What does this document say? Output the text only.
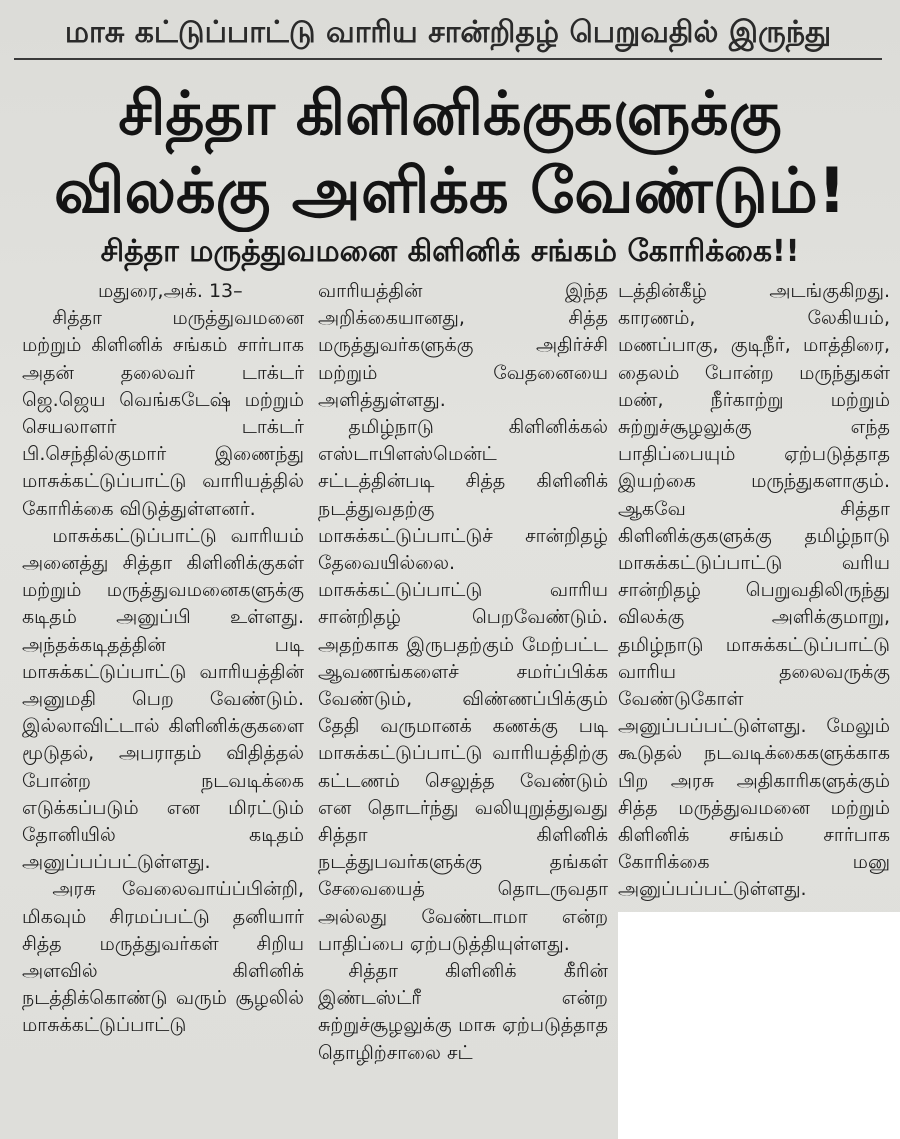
மாசு கட்டுப்பாட்டு வாரிய சான்றிதழ் பெறுவதில் இருந்து
சித்தா கிளினிக்குகளுக்கு
விலக்கு அளிக்க வேண்டும்!
சித்தா மருத்துவமனை கிளினிக் சங்கம் கோரிக்கை!!

மதுரை,அக். 13–

சித்தா மருத்துவமனை மற்றும் கிளினிக் சங்கம் சார்பாக அதன் தலைவர் டாக்டர் ஜெ.ஜெய வெங்கடேஷ் மற்றும் செயலாளர் டாக்டர் பி.செந்தில்குமார் இணைந்து மாசுக்கட்டுப்பாட்டு வாரியத்தில் கோரிக்கை விடுத்துள்ளனர்.

மாசுக்கட்டுப்பாட்டு வாரியம் அனைத்து சித்தா கிளினிக்குகள் மற்றும் மருத்துவமனைகளுக்கு கடிதம் அனுப்பி உள்ளது. அந்தக்கடிதத்தின் படி மாசுக்கட்டுப்பாட்டு வாரியத்தின் அனுமதி பெற வேண்டும். இல்லாவிட்டால் கிளினிக்குகளை மூடுதல், அபராதம் விதித்தல் போன்ற நடவடிக்கை எடுக்கப்படும் என மிரட்டும் தோனியில் கடிதம் அனுப்பப்பட்டுள்ளது.

அரசு வேலைவாய்ப்பின்றி, மிகவும் சிரமப்பட்டு தனியார் சித்த மருத்துவர்கள் சிறிய அளவில் கிளினிக் நடத்திக்கொண்டு வரும் சூழலில் மாசுக்கட்டுப்பாட்டு

வாரியத்தின் இந்த அறிக்கையானது, சித்த மருத்துவர்களுக்கு அதிர்ச்சி மற்றும் வேதனையை அளித்துள்ளது.

தமிழ்நாடு கிளினிக்கல் எஸ்டாபிளஸ்மென்ட் சட்டத்தின்படி சித்த கிளினிக் நடத்துவதற்கு மாசுக்கட்டுப்பாட்டுச் சான்றிதழ் தேவையில்லை. மாசுக்கட்டுப்பாட்டு வாரிய சான்றிதழ் பெறவேண்டும். அதற்காக இருபதற்கும் மேற்பட்ட ஆவணங்களைச் சமர்ப்பிக்க வேண்டும், விண்ணப்பிக்கும் தேதி வருமானக் கணக்கு படி மாசுக்கட்டுப்பாட்டு வாரியத்திற்கு கட்டணம் செலுத்த வேண்டும் என தொடர்ந்து வலியுறுத்துவது சித்தா கிளினிக் நடத்துபவர்களுக்கு தங்கள் சேவையைத் தொடருவதா அல்லது வேண்டாமா என்ற பாதிப்பை ஏற்படுத்தியுள்ளது.

சித்தா கிளினிக் கீரின் இண்டஸ்ட்ரீ என்ற சுற்றுச்சூழலுக்கு மாசு ஏற்படுத்தாத தொழிற்சாலை சட்

டத்தின்கீழ் அடங்குகிறது. காரணம், லேகியம், மணப்பாகு, குடிநீர், மாத்திரை, தைலம் போன்ற மருந்துகள் மண், நீர்காற்று மற்றும் சுற்றுச்சூழலுக்கு எந்த பாதிப்பையும் ஏற்படுத்தாத இயற்கை மருந்துகளாகும். ஆகவே சித்தா கிளினிக்குகளுக்கு தமிழ்நாடு மாசுக்கட்டுப்பாட்டு வரிய சான்றிதழ் பெறுவதிலிருந்து விலக்கு அளிக்குமாறு, தமிழ்நாடு மாசுக்கட்டுப்பாட்டு வாரிய தலைவருக்கு வேண்டுகோள் அனுப்பப்பட்டுள்ளது. மேலும் கூடுதல் நடவடிக்கைகளுக்காக பிற அரசு அதிகாரிகளுக்கும் சித்த மருத்துவமனை மற்றும் கிளினிக் சங்கம் சார்பாக கோரிக்கை மனு அனுப்பப்பட்டுள்ளது.
